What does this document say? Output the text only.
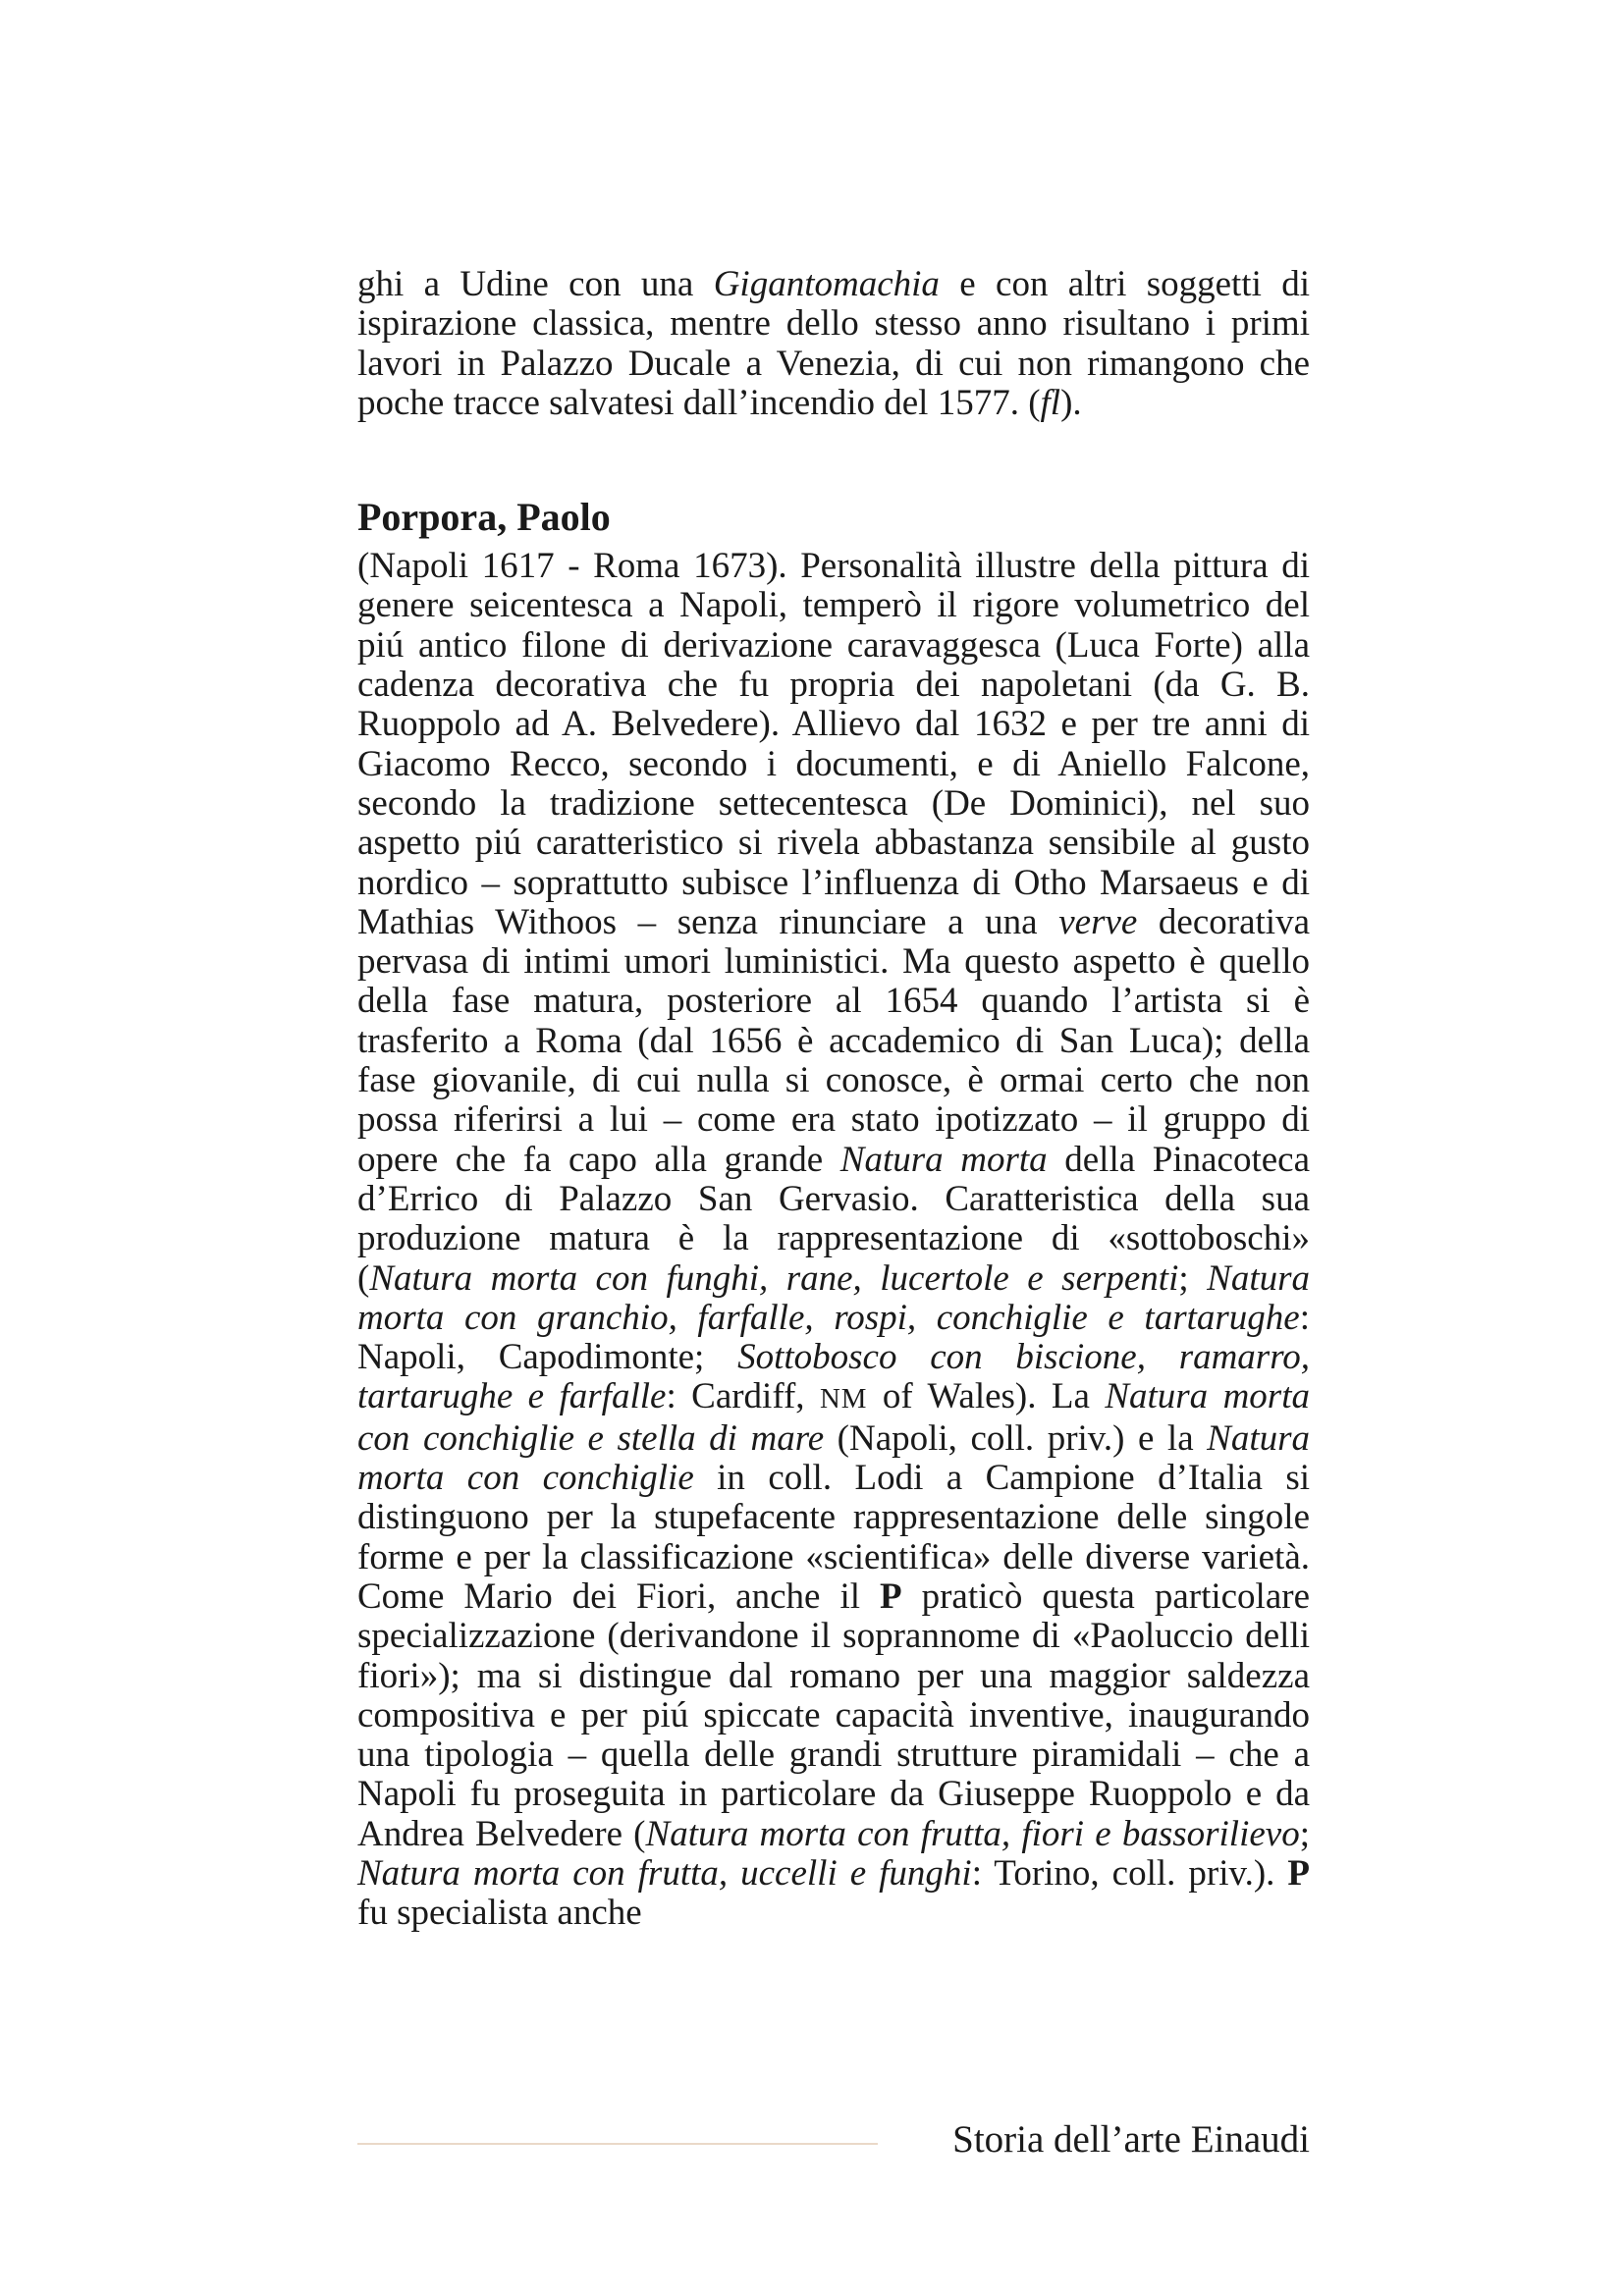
ghi a Udine con una Gigantomachia e con altri soggetti di ispirazione classica, mentre dello stesso anno risultano i primi lavori in Palazzo Ducale a Venezia, di cui non rimangono che poche tracce salvatesi dall’incendio del 1577. (fl).

Porpora, Paolo

(Napoli 1617 - Roma 1673). Personalità illustre della pittura di genere seicentesca a Napoli, temperò il rigore volumetrico del piú antico filone di derivazione caravaggesca (Luca Forte) alla cadenza decorativa che fu propria dei napoletani (da G. B. Ruoppolo ad A. Belvedere). Allievo dal 1632 e per tre anni di Giacomo Recco, secondo i documenti, e di Aniello Falcone, secondo la tradizione settecentesca (De Dominici), nel suo aspetto piú caratteristico si rivela abbastanza sensibile al gusto nordico – soprattutto subisce l’influenza di Otho Marsaeus e di Mathias Withoos – senza rinunciare a una verve decorativa pervasa di intimi umori luministici. Ma questo aspetto è quello della fase matura, posteriore al 1654 quando l’artista si è trasferito a Roma (dal 1656 è accademico di San Luca); della fase giovanile, di cui nulla si conosce, è ormai certo che non possa riferirsi a lui – come era stato ipotizzato – il gruppo di opere che fa capo alla grande Natura morta della Pinacoteca d’Errico di Palazzo San Gervasio. Caratteristica della sua produzione matura è la rappresentazione di «sottoboschi» (Natura morta con funghi, rane, lucertole e serpenti; Natura morta con granchio, farfalle, rospi, conchiglie e tartarughe: Napoli, Capodimonte; Sottobosco con biscione, ramarro, tartarughe e farfalle: Cardiff, NM of Wales). La Natura morta con conchiglie e stella di mare (Napoli, coll. priv.) e la Natura morta con conchiglie in coll. Lodi a Campione d’Italia si distinguono per la stupefacente rappresentazione delle singole forme e per la classificazione «scientifica» delle diverse varietà. Come Mario dei Fiori, anche il P praticò questa particolare specializzazione (derivandone il soprannome di «Paoluccio delli fiori»); ma si distingue dal romano per una maggior saldezza compositiva e per piú spiccate capacità inventive, inaugurando una tipologia – quella delle grandi strutture piramidali – che a Napoli fu proseguita in particolare da Giuseppe Ruoppolo e da Andrea Belvedere (Natura morta con frutta, fiori e bassorilievo; Natura morta con frutta, uccelli e funghi: Torino, coll. priv.). P fu specialista anche

Storia dell’arte Einaudi
